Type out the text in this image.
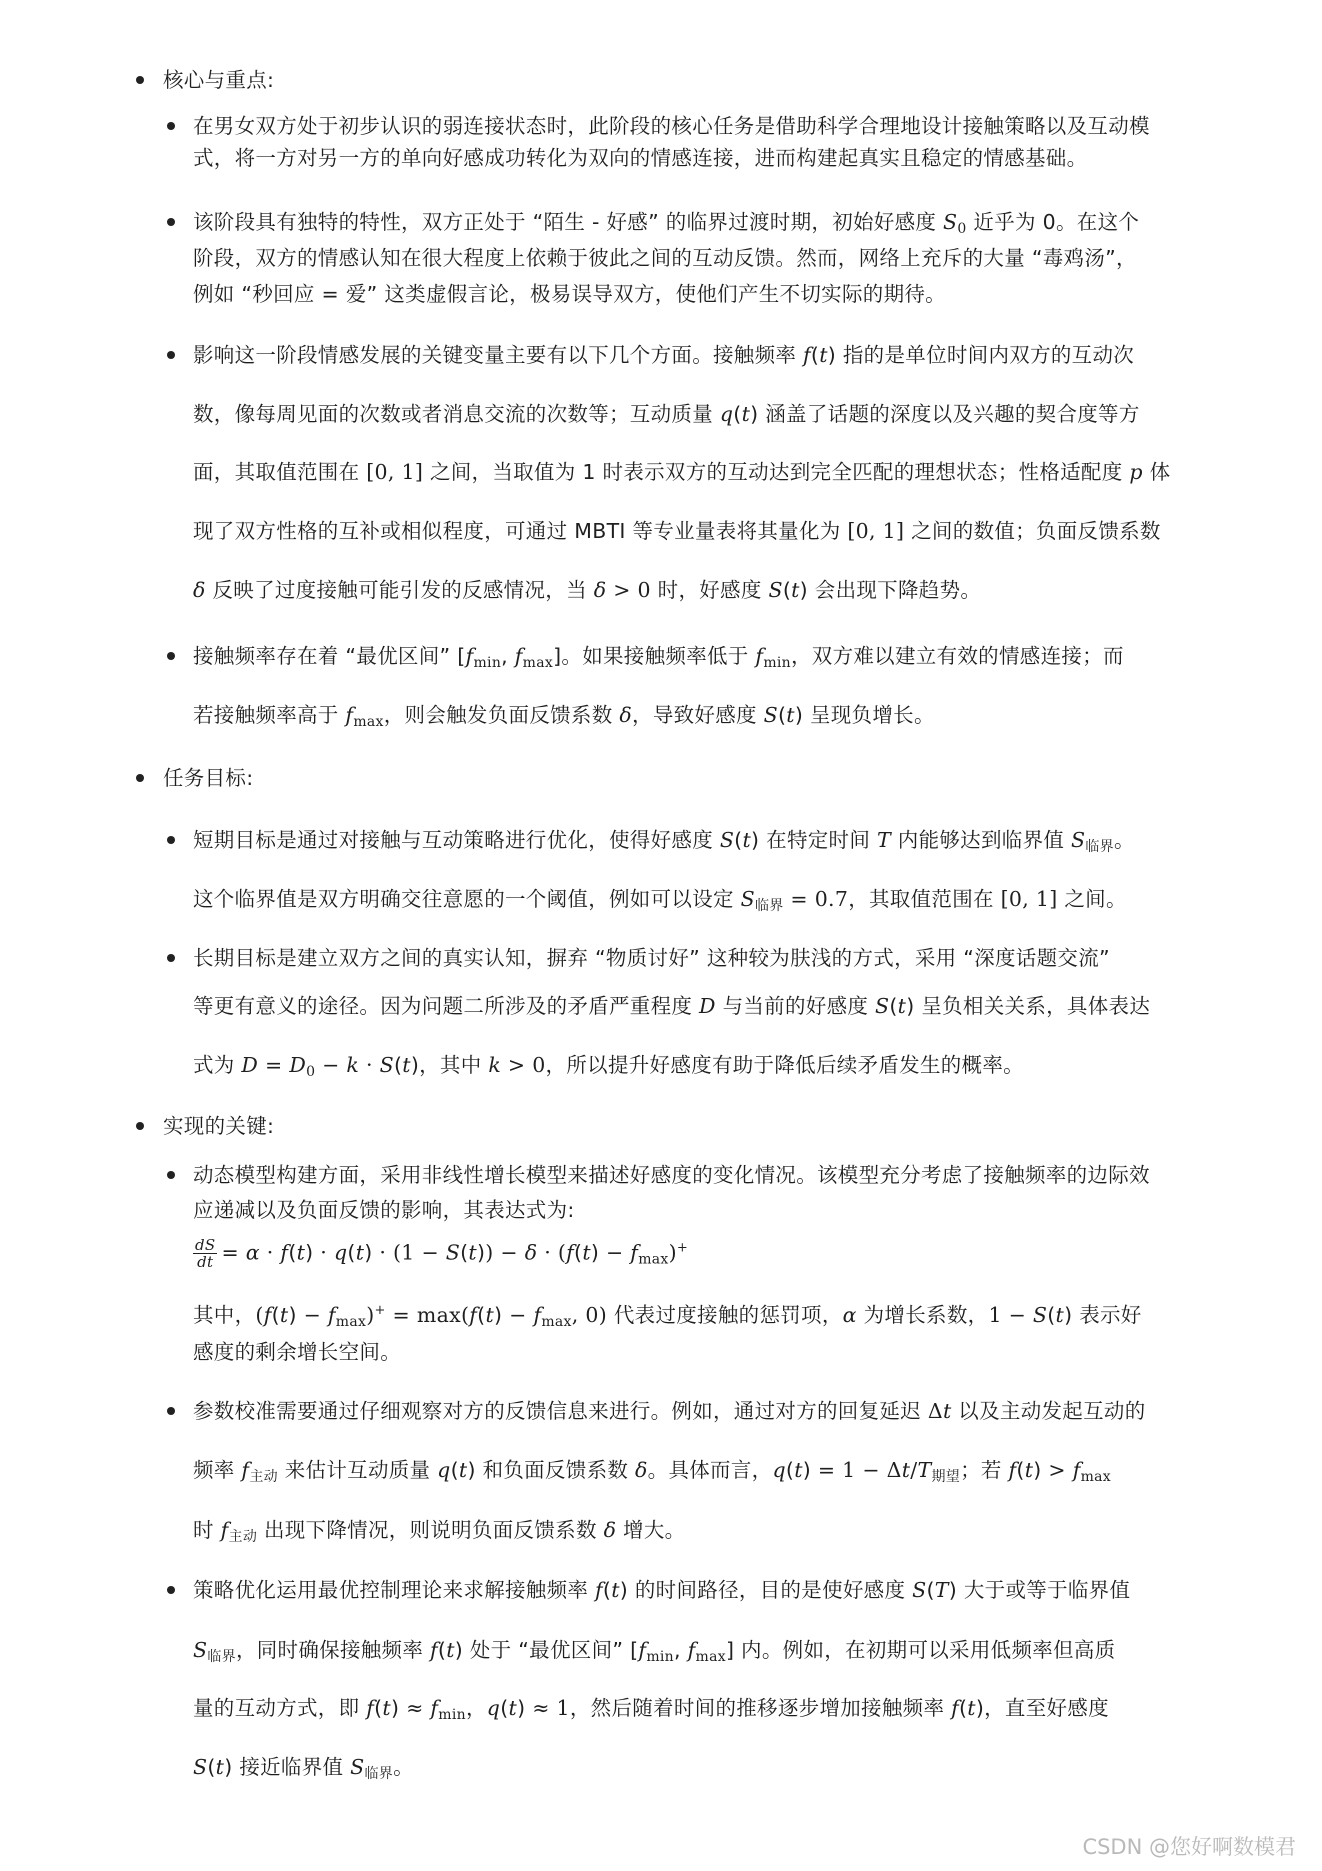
核心与重点:
在男女双方处于初步认识的弱连接状态时，此阶段的核心任务是借助科学合理地设计接触策略以及互动模
式，将一方对另一方的单向好感成功转化为双向的情感连接，进而构建起真实且稳定的情感基础。
该阶段具有独特的特性，双方正处于 “陌生 - 好感” 的临界过渡时期，初始好感度 $S_0$ 近乎为 0。在这个
阶段，双方的情感认知在很大程度上依赖于彼此之间的互动反馈。然而，网络上充斥的大量 “毒鸡汤”，
例如 “秒回应 = 爱” 这类虚假言论，极易误导双方，使他们产生不切实际的期待。
影响这一阶段情感发展的关键变量主要有以下几个方面。接触频率 f(t) 指的是单位时间内双方的互动次
数，像每周见面的次数或者消息交流的次数等；互动质量 q(t) 涵盖了话题的深度以及兴趣的契合度等方
面，其取值范围在 [0, 1] 之间，当取值为 1 时表示双方的互动达到完全匹配的理想状态；性格适配度 p 体
现了双方性格的互补或相似程度，可通过 MBTI 等专业量表将其量化为 [0, 1] 之间的数值；负面反馈系数
δ 反映了过度接触可能引发的反感情况，当 δ > 0 时，好感度 S(t) 会出现下降趋势。
接触频率存在着 “最优区间” [$f_{min}$, $f_{max}$]。如果接触频率低于 $f_{min}$，双方难以建立有效的情感连接；而
若接触频率高于 $f_{max}$，则会触发负面反馈系数 δ，导致好感度 S(t) 呈现负增长。
任务目标:
短期目标是通过对接触与互动策略进行优化，使得好感度 S(t) 在特定时间 T 内能够达到临界值 $S_{临界}$。
这个临界值是双方明确交往意愿的一个阈值，例如可以设定 $S_{临界} = 0.7$，其取值范围在 [0, 1] 之间。
长期目标是建立双方之间的真实认知，摒弃 “物质讨好” 这种较为肤浅的方式，采用 “深度话题交流”
等更有意义的途径。因为问题二所涉及的矛盾严重程度 D 与当前的好感度 S(t) 呈负相关关系，具体表达
式为 $D = D_0 - k \cdot S(t)$，其中 k > 0，所以提升好感度有助于降低后续矛盾发生的概率。
实现的关键:
动态模型构建方面，采用非线性增长模型来描述好感度的变化情况。该模型充分考虑了接触频率的边际效
应递减以及负面反馈的影响，其表达式为:
$\frac{dS}{dt} = \alpha \cdot f(t) \cdot q(t) \cdot (1 - S(t)) - \delta \cdot (f(t) - f_{max})^+$
其中，$(f(t) - f_{max})^+ = \max(f(t) - f_{max}$, 0) 代表过度接触的惩罚项，α 为增长系数，1 − S(t) 表示好
感度的剩余增长空间。
参数校准需要通过仔细观察对方的反馈信息来进行。例如，通过对方的回复延迟 Δt 以及主动发起互动的
频率 $f_{主动}$ 来估计互动质量 q(t) 和负面反馈系数 δ。具体而言，$q(t) = 1 - \Delta t/T_{期望}$；若 $f(t) > f_{max}$
时 $f_{主动}$ 出现下降情况，则说明负面反馈系数 δ 增大。
策略优化运用最优控制理论来求解接触频率 f(t) 的时间路径，目的是使好感度 S(T) 大于或等于临界值
$S_{临界}$，同时确保接触频率 f(t) 处于 “最优区间” [$f_{min}$, $f_{max}$] 内。例如，在初期可以采用低频率但高质
量的互动方式，即 $f(t) \approx f_{min}$，q(t) ≈ 1，然后随着时间的推移逐步增加接触频率 f(t)，直至好感度
S(t) 接近临界值 $S_{临界}$。
CSDN @您好啊数模君
